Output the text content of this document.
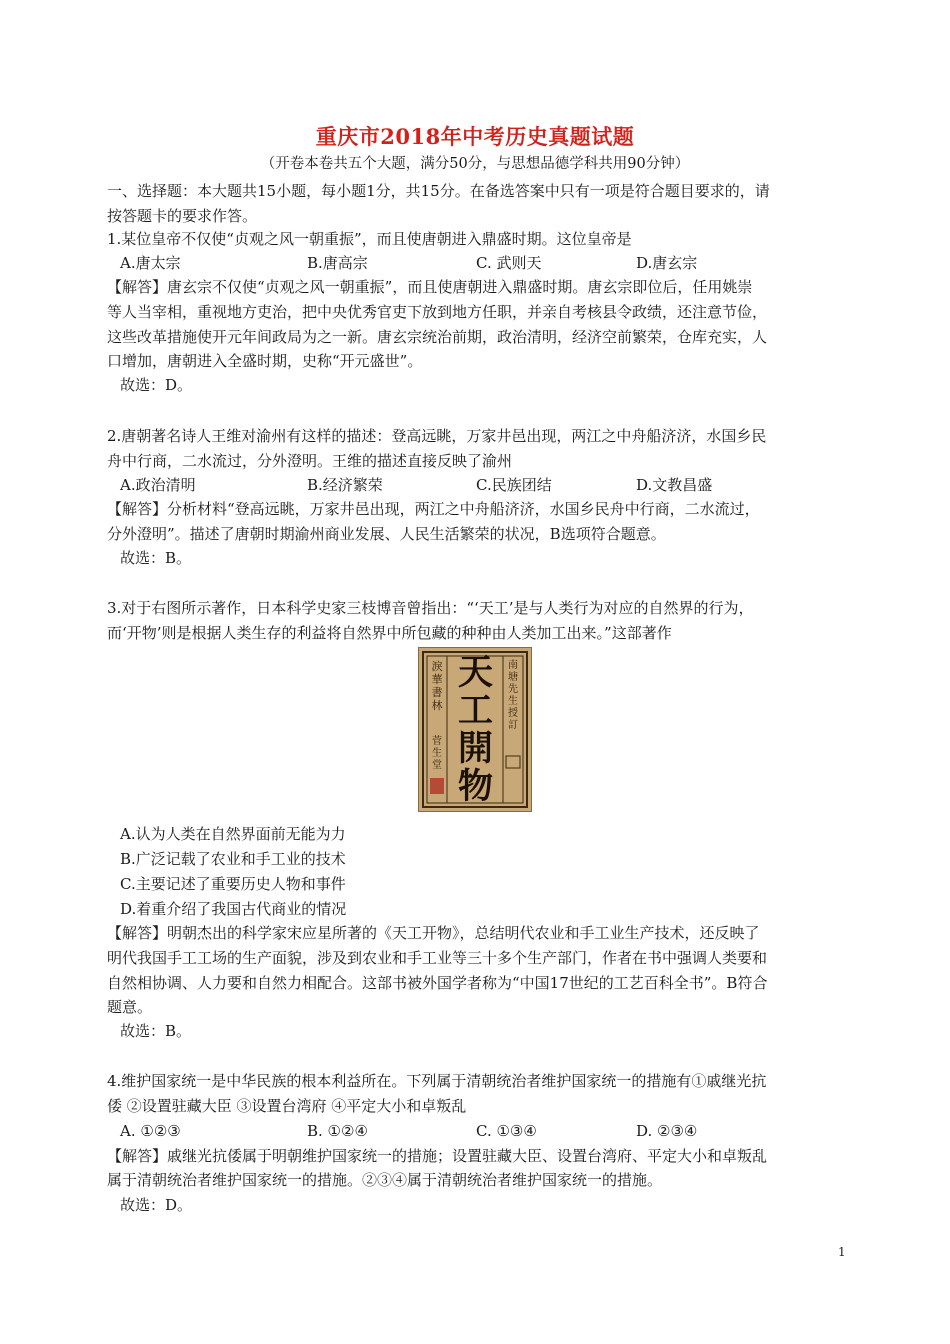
重庆市2018年中考历史真题试题
（开卷本卷共五个大题，满分50分，与思想品德学科共用90分钟）
一、选择题：本大题共15小题，每小题1分，共15分。在备选答案中只有一项是符合题目要求的，请
按答题卡的要求作答。
1.某位皇帝不仅使“贞观之风一朝重振”，而且使唐朝进入鼎盛时期。这位皇帝是
A.唐太宗	B.唐高宗	C. 武则天	D.唐玄宗
【解答】唐玄宗不仅使“贞观之风一朝重振”，而且使唐朝进入鼎盛时期。唐玄宗即位后，任用姚崇
等人当宰相，重视地方吏治，把中央优秀官吏下放到地方任职，并亲自考核县令政绩，还注意节俭，
这些改革措施使开元年间政局为之一新。唐玄宗统治前期，政治清明，经济空前繁荣，仓库充实，人
口增加，唐朝进入全盛时期，史称“开元盛世”。
故选：D。
2.唐朝著名诗人王维对渝州有这样的描述：登高远眺，万家井邑出现，两江之中舟船济济，水国乡民
舟中行商，二水流过，分外澄明。王维的描述直接反映了渝州
A.政治清明	B.经济繁荣	C.民族团结	D.文教昌盛
【解答】分析材料“登高远眺，万家井邑出现，两江之中舟船济济，水国乡民舟中行商，二水流过，
分外澄明”。描述了唐朝时期渝州商业发展、人民生活繁荣的状况，B选项符合题意。
故选：B。
3.对于右图所示著作，日本科学史家三枝博音曾指出：“‘天工’是与人类行为对应的自然界的行为，
而‘开物’则是根据人类生存的利益将自然界中所包藏的种种由人类加工出来。”这部著作
淚華書林
菅生堂
天工開物
南塘先生授訂
A.认为人类在自然界面前无能为力
B.广泛记载了农业和手工业的技术
C.主要记述了重要历史人物和事件
D.着重介绍了我国古代商业的情况
【解答】明朝杰出的科学家宋应星所著的《天工开物》，总结明代农业和手工业生产技术，还反映了
明代我国手工工场的生产面貌，涉及到农业和手工业等三十多个生产部门，作者在书中强调人类要和
自然相协调、人力要和自然力相配合。这部书被外国学者称为“中国17世纪的工艺百科全书”。B符合
题意。
故选：B。
4.维护国家统一是中华民族的根本利益所在。下列属于清朝统治者维护国家统一的措施有①戚继光抗
倭 ②设置驻藏大臣 ③设置台湾府 ④平定大小和卓叛乱
A. ①②③	B. ①②④	C. ①③④	D. ②③④
【解答】戚继光抗倭属于明朝维护国家统一的措施；设置驻藏大臣、设置台湾府、平定大小和卓叛乱
属于清朝统治者维护国家统一的措施。②③④属于清朝统治者维护国家统一的措施。
故选：D。
1
